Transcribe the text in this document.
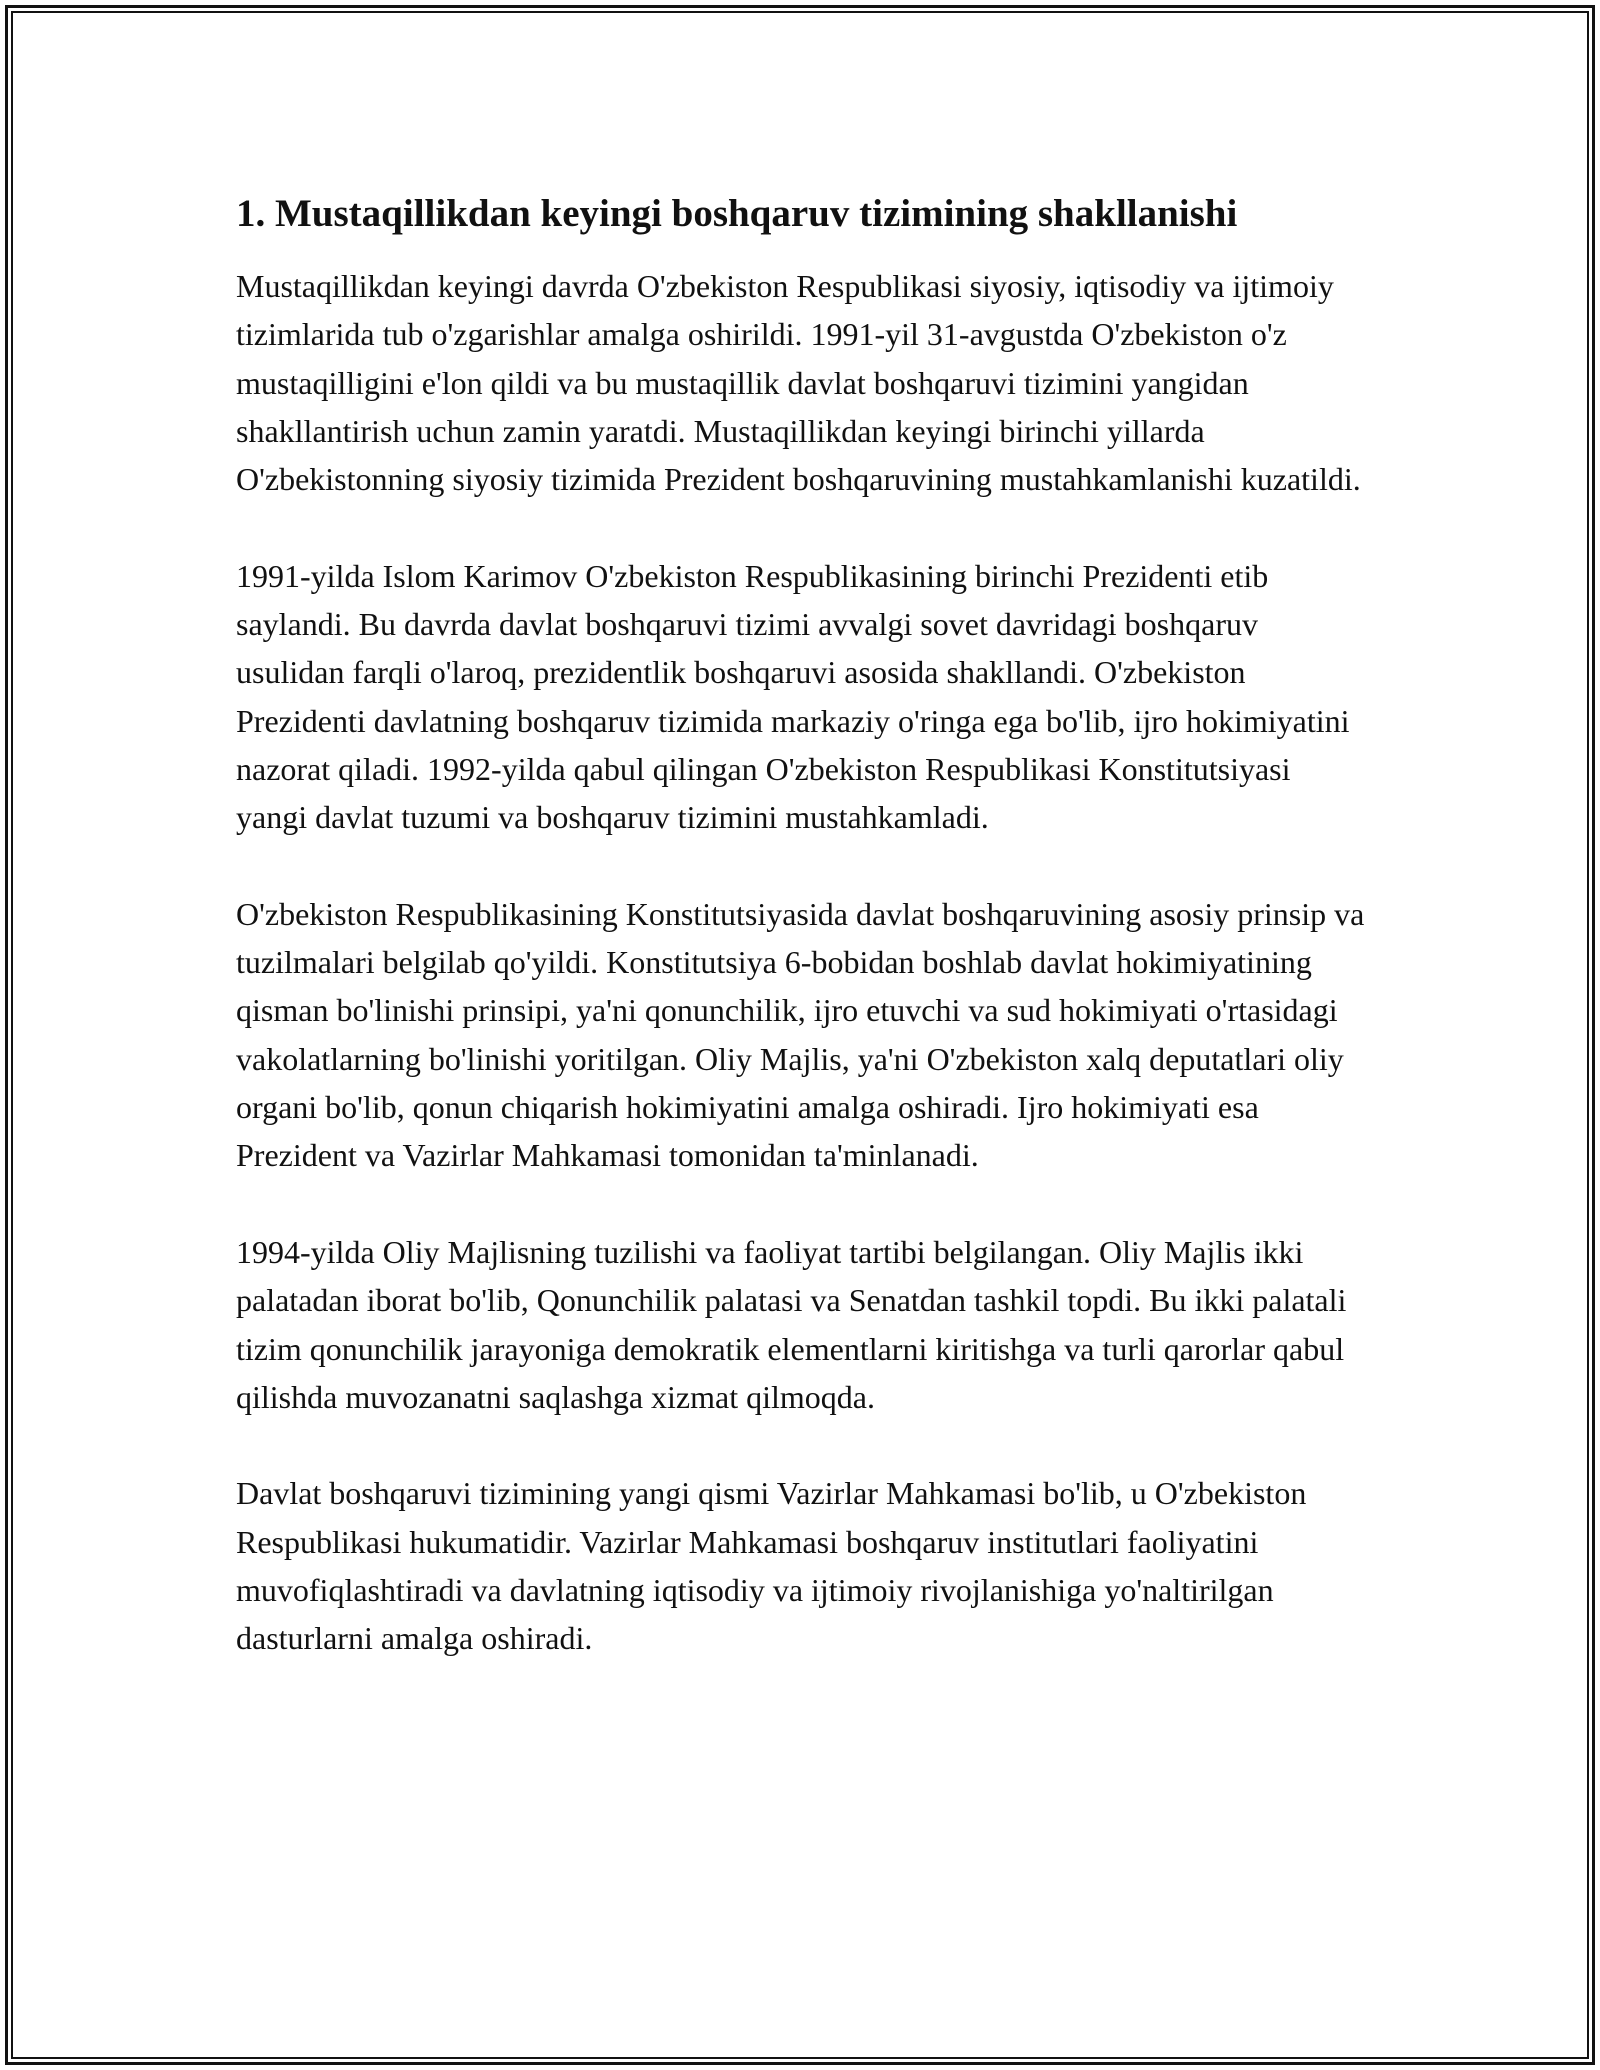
1. Mustaqillikdan keyingi boshqaruv tizimining shakllanishi

Mustaqillikdan keyingi davrda O'zbekiston Respublikasi siyosiy, iqtisodiy va ijtimoiy tizimlarida tub o'zgarishlar amalga oshirildi. 1991-yil 31-avgustda O'zbekiston o'z mustaqilligini e'lon qildi va bu mustaqillik davlat boshqaruvi tizimini yangidan shakllantirish uchun zamin yaratdi. Mustaqillikdan keyingi birinchi yillarda O'zbekistonning siyosiy tizimida Prezident boshqaruvining mustahkamlanishi kuzatildi.

1991-yilda Islom Karimov O'zbekiston Respublikasining birinchi Prezidenti etib saylandi. Bu davrda davlat boshqaruvi tizimi avvalgi sovet davridagi boshqaruv usulidan farqli o'laroq, prezidentlik boshqaruvi asosida shakllandi. O'zbekiston Prezidenti davlatning boshqaruv tizimida markaziy o'ringa ega bo'lib, ijro hokimiyatini nazorat qiladi. 1992-yilda qabul qilingan O'zbekiston Respublikasi Konstitutsiyasi yangi davlat tuzumi va boshqaruv tizimini mustahkamladi.

O'zbekiston Respublikasining Konstitutsiyasida davlat boshqaruvining asosiy prinsip va tuzilmalari belgilab qo'yildi. Konstitutsiya 6-bobidan boshlab davlat hokimiyatining qisman bo'linishi prinsipi, ya'ni qonunchilik, ijro etuvchi va sud hokimiyati o'rtasidagi vakolatlarning bo'linishi yoritilgan. Oliy Majlis, ya'ni O'zbekiston xalq deputatlari oliy organi bo'lib, qonun chiqarish hokimiyatini amalga oshiradi. Ijro hokimiyati esa Prezident va Vazirlar Mahkamasi tomonidan ta'minlanadi.

1994-yilda Oliy Majlisning tuzilishi va faoliyat tartibi belgilangan. Oliy Majlis ikki palatadan iborat bo'lib, Qonunchilik palatasi va Senatdan tashkil topdi. Bu ikki palatali tizim qonunchilik jarayoniga demokratik elementlarni kiritishga va turli qarorlar qabul qilishda muvozanatni saqlashga xizmat qilmoqda.

Davlat boshqaruvi tizimining yangi qismi Vazirlar Mahkamasi bo'lib, u O'zbekiston Respublikasi hukumatidir. Vazirlar Mahkamasi boshqaruv institutlari faoliyatini muvofiqlashtiradi va davlatning iqtisodiy va ijtimoiy rivojlanishiga yo'naltirilgan dasturlarni amalga oshiradi.
